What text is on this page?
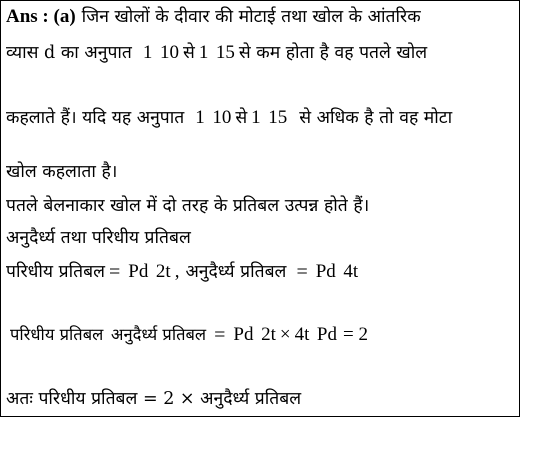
Ans : (a) जिन खोलों के दीवार की मोटाई तथा खोल के आंतरिक
व्यास d का अनुपात 1 10 से 1 15 से कम होता है वह पतले खोल
कहलाते हैं। यदि यह अनुपात 1 10 से 1 15 से अधिक है तो वह मोटा
खोल कहलाता है।
पतले बेलनाकार खोल में दो तरह के प्रतिबल उत्पन्न होते हैं।
अनुदैर्ध्य तथा परिधीय प्रतिबल
परिधीय प्रतिबल = Pd 2t , अनुदैर्ध्य प्रतिबल = Pd 4t
परिधीय प्रतिबल अनुदैर्ध्य प्रतिबल = Pd 2t × 4t Pd = 2
अतः परिधीय प्रतिबल = 2 × अनुदैर्ध्य प्रतिबल
